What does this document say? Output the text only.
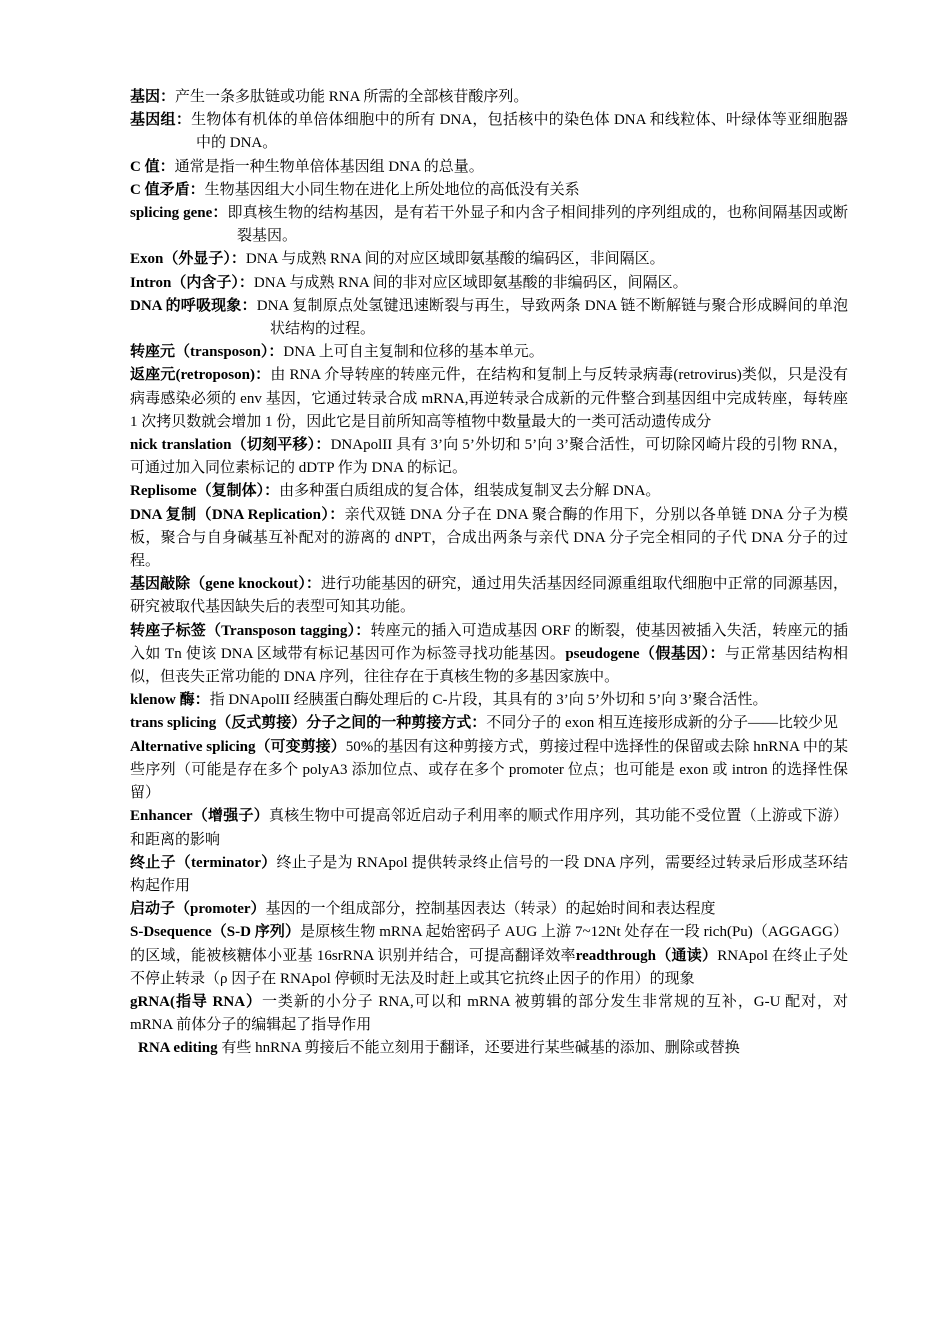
基因：产生一条多肽链或功能 RNA 所需的全部核苷酸序列。

基因组：生物体有机体的单倍体细胞中的所有 DNA，包括核中的染色体 DNA 和线粒体、叶绿体等亚细胞器中的 DNA。

C 值：通常是指一种生物单倍体基因组 DNA 的总量。

C 值矛盾：生物基因组大小同生物在进化上所处地位的高低没有关系

splicing gene：即真核生物的结构基因，是有若干外显子和内含子相间排列的序列组成的，也称间隔基因或断裂基因。

Exon（外显子）：DNA 与成熟 RNA 间的对应区域即氨基酸的编码区，非间隔区。

Intron（内含子）：DNA 与成熟 RNA 间的非对应区域即氨基酸的非编码区，间隔区。

DNA 的呼吸现象：DNA 复制原点处氢键迅速断裂与再生，导致两条 DNA 链不断解链与聚合形成瞬间的单泡状结构的过程。

转座元（transposon）：DNA 上可自主复制和位移的基本单元。

返座元(retroposon)：由 RNA 介导转座的转座元件，在结构和复制上与反转录病毒(retrovirus)类似，只是没有病毒感染必须的 env 基因，它通过转录合成 mRNA,再逆转录合成新的元件整合到基因组中完成转座，每转座 1 次拷贝数就会增加 1 份，因此它是目前所知高等植物中数量最大的一类可活动遗传成分

nick translation（切刻平移）：DNApolII 具有 3’向 5’外切和 5’向 3’聚合活性，可切除冈崎片段的引物 RNA，可通过加入同位素标记的 dDTP 作为 DNA 的标记。

Replisome（复制体）：由多种蛋白质组成的复合体，组装成复制叉去分解 DNA。

DNA 复制（DNA Replication）：亲代双链 DNA 分子在 DNA 聚合酶的作用下，分别以各单链 DNA 分子为模板，聚合与自身碱基互补配对的游离的 dNPT，合成出两条与亲代 DNA 分子完全相同的子代 DNA 分子的过程。

基因敲除（gene knockout）：进行功能基因的研究，通过用失活基因经同源重组取代细胞中正常的同源基因，研究被取代基因缺失后的表型可知其功能。

转座子标签（Transposon tagging）：转座元的插入可造成基因 ORF 的断裂，使基因被插入失活，转座元的插入如 Tn 使该 DNA 区域带有标记基因可作为标签寻找功能基因。pseudogene（假基因）：与正常基因结构相似，但丧失正常功能的 DNA 序列，往往存在于真核生物的多基因家族中。

klenow 酶：指 DNApolII 经胰蛋白酶处理后的 C-片段，其具有的 3’向 5’外切和 5’向 3’聚合活性。

trans splicing（反式剪接）分子之间的一种剪接方式：不同分子的 exon 相互连接形成新的分子——比较少见

Alternative splicing（可变剪接）50%的基因有这种剪接方式，剪接过程中选择性的保留或去除 hnRNA 中的某些序列（可能是存在多个 polyA3 添加位点、或存在多个 promoter 位点；也可能是 exon 或 intron 的选择性保留）

Enhancer（增强子）真核生物中可提高邻近启动子利用率的顺式作用序列，其功能不受位置（上游或下游）和距离的影响

终止子（terminator）终止子是为 RNApol 提供转录终止信号的一段 DNA 序列，需要经过转录后形成茎环结构起作用

启动子（promoter）基因的一个组成部分，控制基因表达（转录）的起始时间和表达程度

S-Dsequence（S-D 序列）是原核生物 mRNA 起始密码子 AUG 上游 7~12Nt 处存在一段 rich(Pu)（AGGAGG）的区域，能被核糖体小亚基 16srRNA 识别并结合，可提高翻译效率readthrough（通读）RNApol 在终止子处不停止转录（ρ 因子在 RNApol 停顿时无法及时赶上或其它抗终止因子的作用）的现象

gRNA(指导 RNA）一类新的小分子 RNA,可以和 mRNA 被剪辑的部分发生非常规的互补，G-U 配对，对 mRNA 前体分子的编辑起了指导作用

RNA editing 有些 hnRNA 剪接后不能立刻用于翻译，还要进行某些碱基的添加、删除或替换
